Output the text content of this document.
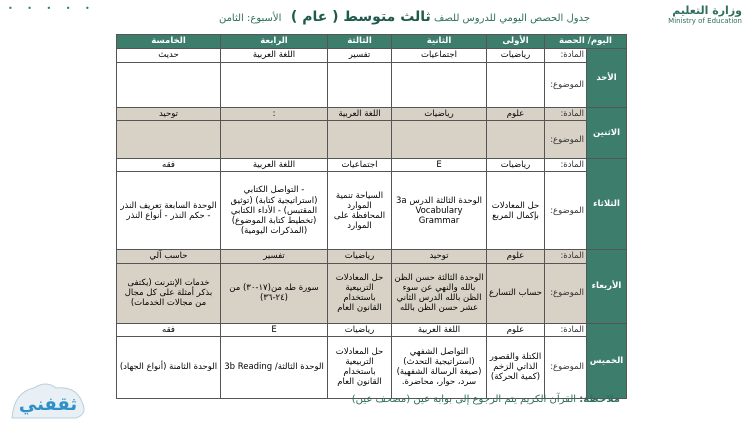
• • • • •
جدول الحصص اليومي للدروس للصف ثالث متوسط ( عام )   الأسبوع: الثامن
وزارة التعليم
Ministry of Education
اليوم/ الحصة		الأولى	الثانية	الثالثة	الرابعة	الخامسة
الأحد	المادة:	رياضيات	اجتماعيات	تفسير	اللغة العربية	حديث
	الموضوع:					
الاثنين	المادة:	علوم	رياضيات	اللغة العربية	:	توحيد
	الموضوع:					
الثلاثاء	المادة:	رياضيات	E	اجتماعيات	اللغة العربية	فقه
	الموضوع:	حل المعادلات بإكمال المربع	الوحدة الثالثة الدرس 3a Vocabulary Grammar	السياحة تنمية الموارد المحافظة على الموارد	- التواصل الكتابي (استراتيجية كتابة) (توثيق المقتبس) - الأداء الكتابي (تخطيط كتابة الموضوع) (المذكرات اليومية)	الوحدة السابعة تعريف النذر - حكم النذر - أنواع النذر
الأربعاء	المادة:	علوم	توحيد	رياضيات	تفسير	حاسب آلي
	الموضوع:	حساب التسارع	الوحدة الثالثة حسن الظن بالله والنهي عن سوء الظن بالله الدرس الثاني عشر حسن الظن بالله	حل المعادلات التربيعية باستخدام القانون العام	سورة طه من(١٧-٣٠) من (٢٤-٣٦)	خدمات الإنترنت (يكتفى بذكر أمثلة على كل مجال من مجالات الخدمات)
الخميس	المادة:	علوم	اللغة العربية	رياضيات	E	فقه
	الموضوع:	الكتلة والقصور الذاتي الزخم (كمية الحركة)	التواصل الشفهي (استراتيجية التحدث) (صيغة الرسالة الشفهية) سرد، حوار، محاضرة.	حل المعادلات التربيعية باستخدام القانون العام	الوحدة الثالثة/ 3b Reading	الوحدة الثامنة (أنواع الجهاد)
ملاحظة: القرآن الكريم يتم الرجوع إلى بوابة عين (مصحف عين)
ثقفني
